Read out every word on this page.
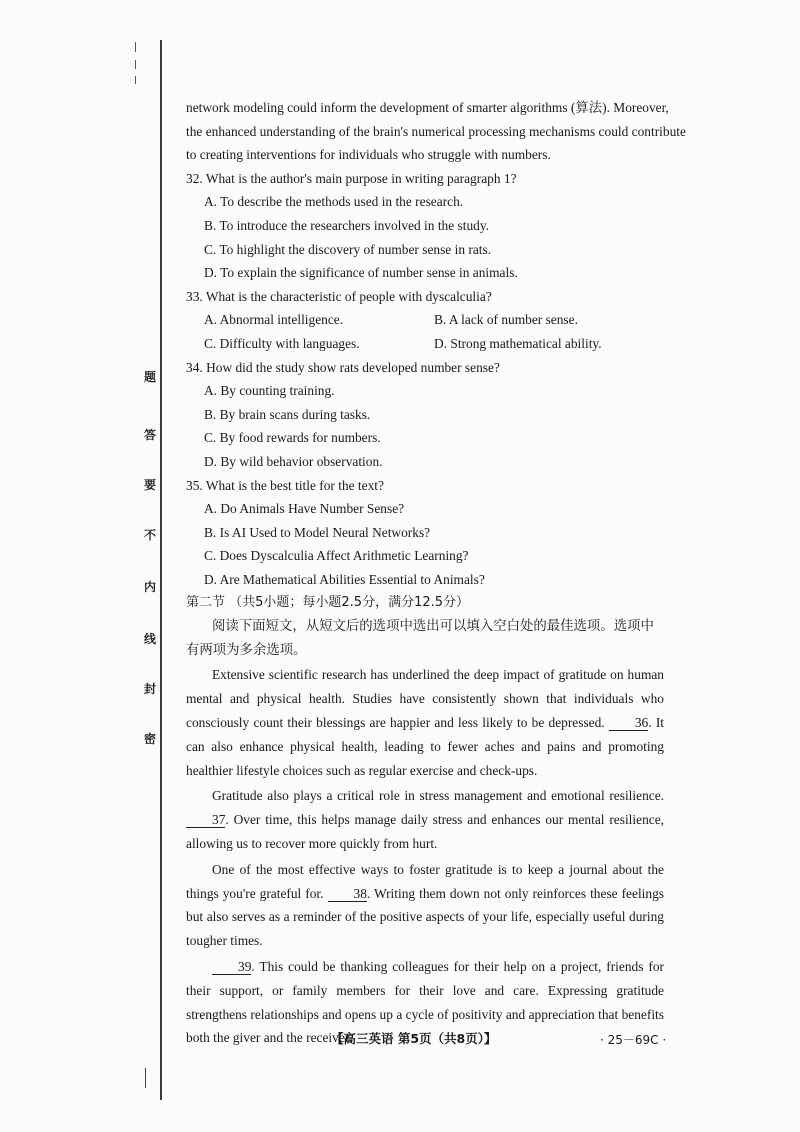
题
答
要
不
内
线
封
密

network modeling could inform the development of smarter algorithms (算法). Moreover,

the enhanced understanding of the brain's numerical processing mechanisms could contribute

to creating interventions for individuals who struggle with numbers.

32. What is the author's main purpose in writing paragraph 1?

A. To describe the methods used in the research.

B. To introduce the researchers involved in the study.

C. To highlight the discovery of number sense in rats.

D. To explain the significance of number sense in animals.

33. What is the characteristic of people with dyscalculia?

A. Abnormal intelligence.	B. A lack of number sense.
C. Difficulty with languages.	D. Strong mathematical ability.

34. How did the study show rats developed number sense?

A. By counting training.

B. By brain scans during tasks.

C. By food rewards for numbers.

D. By wild behavior observation.

35. What is the best title for the text?

A. Do Animals Have Number Sense?

B. Is AI Used to Model Neural Networks?

C. Does Dyscalculia Affect Arithmetic Learning?

D. Are Mathematical Abilities Essential to Animals?

第二节 （共5小题；每小题2.5分，满分12.5分）

阅读下面短文，从短文后的选项中选出可以填入空白处的最佳选项。选项中有两项为多余选项。

Extensive scientific research has underlined the deep impact of gratitude on human mental and physical health. Studies have consistently shown that individuals who consciously count their blessings are happier and less likely to be depressed. 36. It can also enhance physical health, leading to fewer aches and pains and promoting healthier lifestyle choices such as regular exercise and check-ups.

Gratitude also plays a critical role in stress management and emotional resilience. 37. Over time, this helps manage daily stress and enhances our mental resilience, allowing us to recover more quickly from hurt.

One of the most effective ways to foster gratitude is to keep a journal about the things you're grateful for. 38. Writing them down not only reinforces these feelings but also serves as a reminder of the positive aspects of your life, especially useful during tougher times.

39. This could be thanking colleagues for their help on a project, friends for their support, or family members for their love and care. Expressing gratitude strengthens relationships and opens up a cycle of positivity and appreciation that benefits both the giver and the receiver.

【高三英语 第5页（共8页）】	· 25－69C ·
